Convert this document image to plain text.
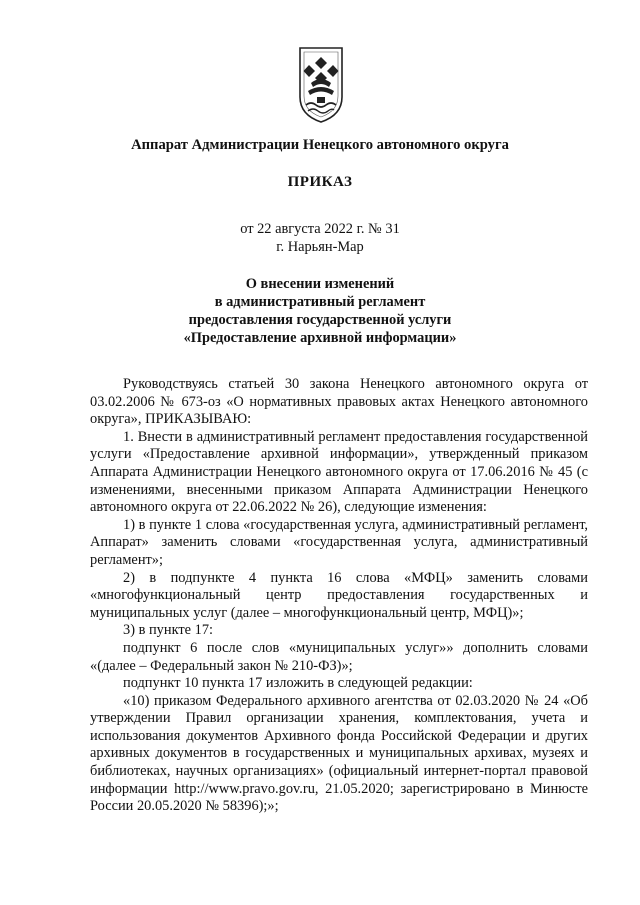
Аппарат Администрации Ненецкого автономного округа
ПРИКАЗ
от 22 августа 2022 г. № 31
г. Нарьян-Мар
О внесении изменений
в административный регламент
предоставления государственной услуги
«Предоставление архивной информации»

Руководствуясь статьей 30 закона Ненецкого автономного округа от 03.02.2006 № 673-оз «О нормативных правовых актах Ненецкого автономного округа», ПРИКАЗЫВАЮ:

1. Внести в административный регламент предоставления государственной услуги «Предоставление архивной информации», утвержденный приказом Аппарата Администрации Ненецкого автономного округа от 17.06.2016 № 45 (с изменениями, внесенными приказом Аппарата Администрации Ненецкого автономного округа от 22.06.2022 № 26), следующие изменения:

1) в пункте 1 слова «государственная услуга, административный регламент, Аппарат» заменить словами «государственная услуга, административный регламент»;

2) в подпункте 4 пункта 16 слова «МФЦ» заменить словами «многофункциональный центр предоставления государственных и муниципальных услуг (далее – многофункциональный центр, МФЦ)»;

3) в пункте 17:

подпункт 6 после слов «муниципальных услуг»» дополнить словами «(далее – Федеральный закон № 210-ФЗ)»;

подпункт 10 пункта 17 изложить в следующей редакции:

«10) приказом Федерального архивного агентства от 02.03.2020 № 24 «Об утверждении Правил организации хранения, комплектования, учета и использования документов Архивного фонда Российской Федерации и других архивных документов в государственных и муниципальных архивах, музеях и библиотеках, научных организациях» (официальный интернет-портал правовой информации http://www.pravo.gov.ru, 21.05.2020; зарегистрировано в Минюсте России 20.05.2020 № 58396);»;
